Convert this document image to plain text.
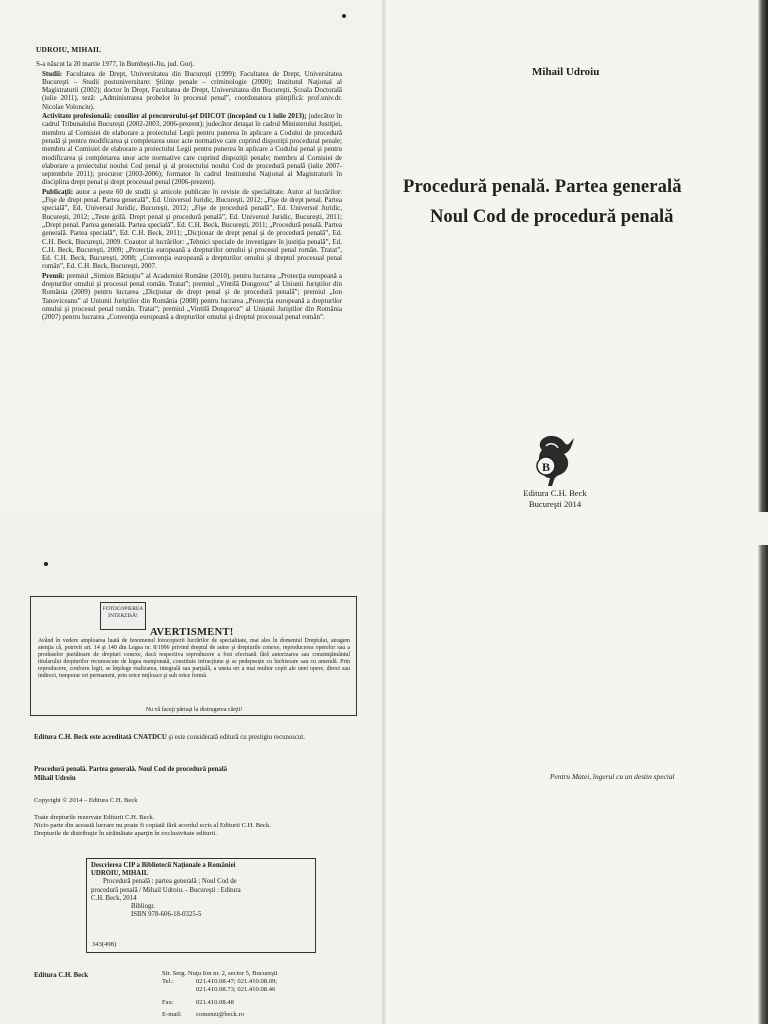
UDROIU, MIHAIL

S-a născut la 20 martie 1977, în Bumbeşti-Jiu, jud. Gorj.

Studii: Facultatea de Drept, Universitatea din Bucureşti (1999); Facultatea de Drept, Universitatea Bucureşti – Studii postuniversitare: Ştiinţe penale – criminologie (2000); Institutul Naţional al Magistraturii (2002); doctor în Drept, Facultatea de Drept, Universitatea din Bucureşti, Şcoala Doctorală (iulie 2011), teză: „Administrarea probelor în procesul penal”, coordonatora ştiinţifică: prof.univ.dr. Nicolae Volonciu).

Activitate profesională: consilier al procurorului-şef DIICOT (începând cu 1 iulie 2013); judecător în cadrul Tribunalului Bucureşti (2002-2003, 2006-prezent); judecător detaşat în cadrul Ministerului Justiţiei, membru al Comisiei de elaborare a proiectului Legii pentru punerea în aplicare a Codului de procedură penală şi pentru modificarea şi completarea unor acte normative care cuprind dispoziţii procedural penale; membru al Comisiei de elaborare a proiectului Legii pentru punerea în aplicare a Codului penal şi pentru modificarea şi completarea unor acte normative care cuprind dispoziţii penale; membru al Comisiei de elaborare a proiectului noului Cod penal şi al proiectului noului Cod de procedură penală (iulie 2007-septembrie 2011); procuror (2003-2006); formator în cadrul Institutului Naţional al Magistraturii în disciplina drept penal şi drept procesual penal (2006-prezent).

Publicaţii: autor a peste 60 de studii şi articole publicate în reviste de specialitate. Autor al lucrărilor: „Fişe de drept penal. Partea generală”, Ed. Universul Juridic, Bucureşti, 2012; „Fişe de drept penal. Partea specială”, Ed. Universul Juridic, Bucureşti, 2012; „Fişe de procedură penală”, Ed. Universul Juridic, Bucureşti, 2012; „Teste grilă. Drept penal şi procedură penală”, Ed. Universul Juridic, Bucureşti, 2011; „Drept penal. Partea generală. Partea specială”, Ed. C.H. Beck, Bucureşti, 2011; „Procedură penală. Partea generală. Partea specială”, Ed. C.H. Beck, 2011; „Dicţionar de drept penal şi de procedură penală”, Ed. C.H. Beck, Bucureşti, 2009. Coautor al lucrărilor: „Tehnici speciale de investigare în justiţia penală”, Ed. C.H. Beck, Bucureşti, 2009; „Protecţia europeană a drepturilor omului şi procesul penal român. Tratat”, Ed. C.H. Beck, Bucureşti, 2008; „Convenţia europeană a drepturilor omului şi dreptul procesual penal român”, Ed. C.H. Beck, Bucureşti, 2007.

Premii: premiul „Simion Bărnuţiu” al Academiei Române (2010), pentru lucrarea „Protecţia europeană a drepturilor omului şi procesul penal român. Tratat”; premiul „Vintilă Dongoroz” al Uniunii Juriştilor din România (2009) pentru lucrarea „Dicţionar de drept penal şi de procedură penală”; premiul „Ion Tanoviceanu” al Uniunii Juriştilor din România (2008) pentru lucrarea „Protecţia europeană a drepturilor omului şi procesul penal român. Tratat”; premiul „Vintilă Dongoroz” al Uniunii Juriştilor din România (2007) pentru lucrarea „Convenţia europeană a drepturilor omului şi dreptul procesual penal român”.

Mihail Udroiu
Procedură penală. Partea generală
Noul Cod de procedură penală
B
Editura C.H. Beck
Bucureşti 2014
FOTOCOPIEREA
INTERZISĂ!
AVERTISMENT!
Având în vedere amploarea luată de fenomenul fotocopierii lucrărilor de specialitate, mai ales în domeniul Dreptului, atragem atenţia că, potrivit art. 14 şi 140 din Legea nr. 8/1996 privind dreptul de autor şi drepturile conexe, reproducerea operelor sau a produselor purtătoare de drepturi conexe, dacă respectiva reproducere a fost efectuată fără autorizarea sau consimţământul titularului drepturilor recunoscute de legea menţionată, constituie infracţiune şi se pedepseşte cu închisoare sau cu amendă. Prin reproducere, conform legii, se înţelege realizarea, integrală sau parţială, a uneia ori a mai multor copii ale unei opere, direct sau indirect, temporar ori permanent, prin orice mijloace şi sub orice formă.
Nu vă faceţi părtaşi la distrugerea cărţii!
Editura C.H. Beck este acreditată CNATDCU şi este considerată editură cu prestigiu recunoscut.
Procedură penală. Partea generală. Noul Cod de procedură penală
Mihail Udroiu
Copyright © 2014 – Editura C.H. Beck
Toate drepturile rezervate Editurii C.H. Beck.
Nicio parte din această lucrare nu poate fi copiată fără acordul scris al Editurii C.H. Beck.
Drepturile de distribuţie în străinătate aparţin în exclusivitate editurii.
Descrierea CIP a Bibliotecii Naţionale a României
UDROIU, MIHAIL
Procedură penală : partea generală ; Noul Cod de
procedură penală / Mihail Udroiu. - Bucureşti : Editura
C.H. Beck, 2014
Bibliogr.
ISBN 978-606-18-0325-5
343(498)
Editura C.H. Beck	Str. Serg. Nuţu Ion nr. 2, sector 5, Bucureşti
Tel.:	021.410.08.47; 021.410.08.09;
021.410.08.73; 021.410.08.46
Fax:	021.410.08.48
E-mail:	comenzi@beck.ro
Pentru Matei, îngerul cu un destin special
